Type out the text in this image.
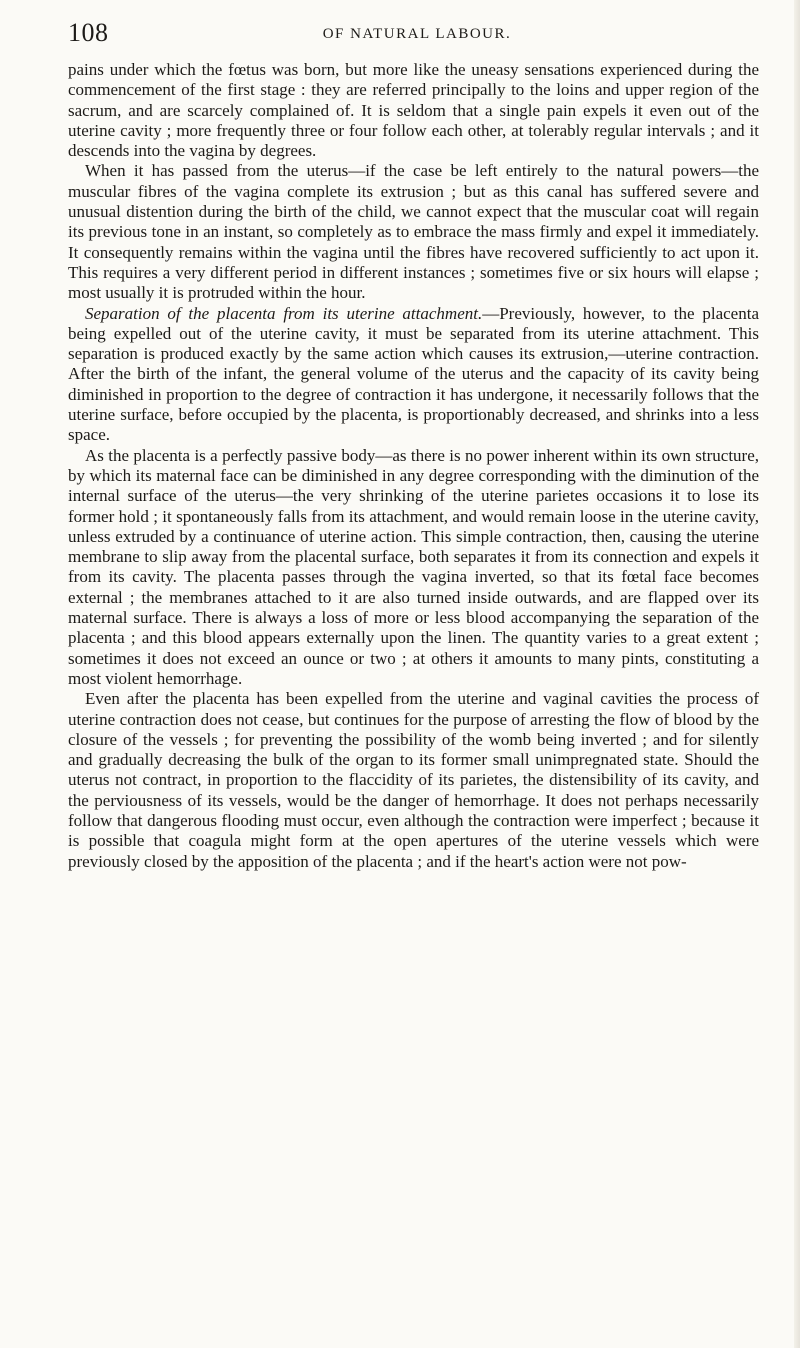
108	OF NATURAL LABOUR.

pains under which the fœtus was born, but more like the uneasy sensations experienced during the commencement of the first stage : they are referred principally to the loins and upper region of the sacrum, and are scarcely complained of. It is seldom that a single pain expels it even out of the uterine cavity ; more frequently three or four follow each other, at tolerably regular intervals ; and it descends into the vagina by degrees.

When it has passed from the uterus—if the case be left entirely to the natural powers—the muscular fibres of the vagina complete its extrusion ; but as this canal has suffered severe and unusual distention during the birth of the child, we cannot expect that the muscular coat will regain its previous tone in an instant, so completely as to embrace the mass firmly and expel it immediately. It consequently remains within the vagina until the fibres have recovered sufficiently to act upon it. This requires a very different period in different instances ; sometimes five or six hours will elapse ; most usually it is protruded within the hour.

Separation of the placenta from its uterine attachment.—Previously, however, to the placenta being expelled out of the uterine cavity, it must be separated from its uterine attachment. This separation is produced exactly by the same action which causes its extrusion,—uterine contraction. After the birth of the infant, the general volume of the uterus and the capacity of its cavity being diminished in proportion to the degree of contraction it has undergone, it necessarily follows that the uterine surface, before occupied by the placenta, is proportionably decreased, and shrinks into a less space.

As the placenta is a perfectly passive body—as there is no power inherent within its own structure, by which its maternal face can be diminished in any degree corresponding with the diminution of the internal surface of the uterus—the very shrinking of the uterine parietes occasions it to lose its former hold ; it spontaneously falls from its attachment, and would remain loose in the uterine cavity, unless extruded by a continuance of uterine action. This simple contraction, then, causing the uterine membrane to slip away from the placental surface, both separates it from its connection and expels it from its cavity. The placenta passes through the vagina inverted, so that its fœtal face becomes external ; the membranes attached to it are also turned inside outwards, and are flapped over its maternal surface. There is always a loss of more or less blood accompanying the separation of the placenta ; and this blood appears externally upon the linen. The quantity varies to a great extent ; sometimes it does not exceed an ounce or two ; at others it amounts to many pints, constituting a most violent hemorrhage.

Even after the placenta has been expelled from the uterine and vaginal cavities the process of uterine contraction does not cease, but continues for the purpose of arresting the flow of blood by the closure of the vessels ; for preventing the possibility of the womb being inverted ; and for silently and gradually decreasing the bulk of the organ to its former small unimpregnated state. Should the uterus not contract, in proportion to the flaccidity of its parietes, the distensibility of its cavity, and the perviousness of its vessels, would be the danger of hemorrhage. It does not perhaps necessarily follow that dangerous flooding must occur, even although the contraction were imperfect ; because it is possible that coagula might form at the open apertures of the uterine vessels which were previously closed by the apposition of the placenta ; and if the heart's action were not pow-
